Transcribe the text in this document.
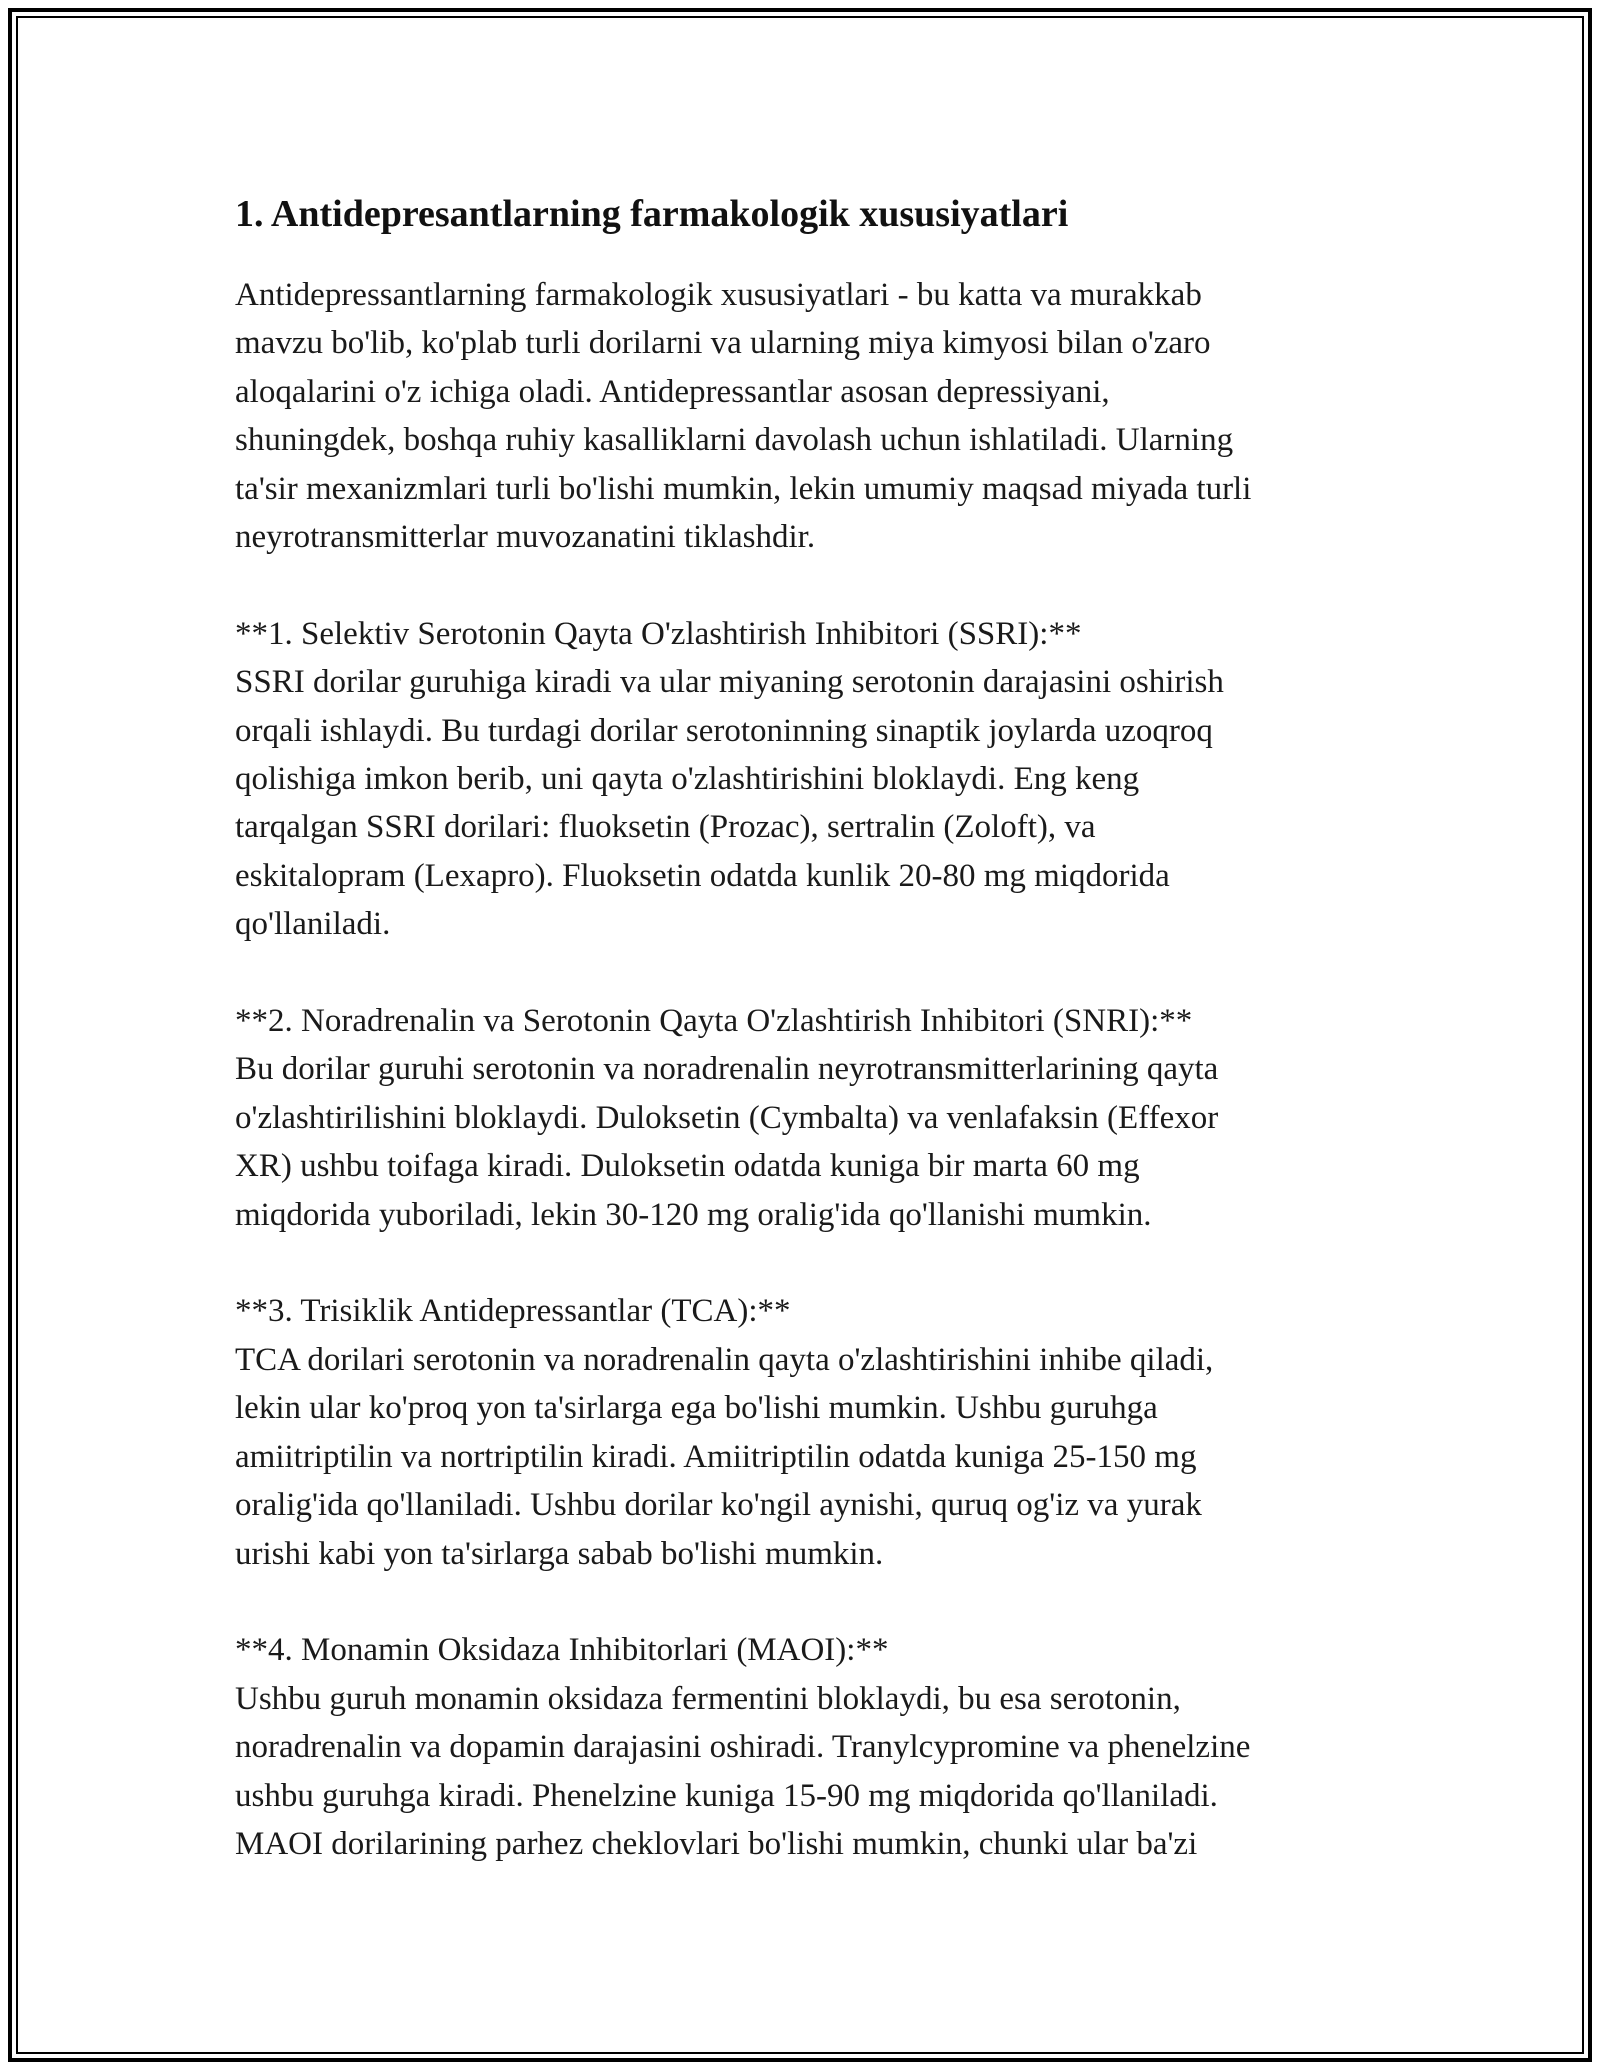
1. Antidepresantlarning farmakologik xususiyatlari

Antidepressantlarning farmakologik xususiyatlari - bu katta va murakkab
mavzu bo'lib, ko'plab turli dorilarni va ularning miya kimyosi bilan o'zaro
aloqalarini o'z ichiga oladi. Antidepressantlar asosan depressiyani,
shuningdek, boshqa ruhiy kasalliklarni davolash uchun ishlatiladi. Ularning
ta'sir mexanizmlari turli bo'lishi mumkin, lekin umumiy maqsad miyada turli
neyrotransmitterlar muvozanatini tiklashdir.

**1. Selektiv Serotonin Qayta O'zlashtirish Inhibitori (SSRI):**

SSRI dorilar guruhiga kiradi va ular miyaning serotonin darajasini oshirish
orqali ishlaydi. Bu turdagi dorilar serotoninning sinaptik joylarda uzoqroq
qolishiga imkon berib, uni qayta o'zlashtirishini bloklaydi. Eng keng
tarqalgan SSRI dorilari: fluoksetin (Prozac), sertralin (Zoloft), va
eskitalopram (Lexapro). Fluoksetin odatda kunlik 20-80 mg miqdorida
qo'llaniladi.

**2. Noradrenalin va Serotonin Qayta O'zlashtirish Inhibitori (SNRI):**

Bu dorilar guruhi serotonin va noradrenalin neyrotransmitterlarining qayta
o'zlashtirilishini bloklaydi. Duloksetin (Cymbalta) va venlafaksin (Effexor
XR) ushbu toifaga kiradi. Duloksetin odatda kuniga bir marta 60 mg
miqdorida yuboriladi, lekin 30-120 mg oralig'ida qo'llanishi mumkin.

**3. Trisiklik Antidepressantlar (TCA):**

TCA dorilari serotonin va noradrenalin qayta o'zlashtirishini inhibe qiladi,
lekin ular ko'proq yon ta'sirlarga ega bo'lishi mumkin. Ushbu guruhga
amiitriptilin va nortriptilin kiradi. Amiitriptilin odatda kuniga 25-150 mg
oralig'ida qo'llaniladi. Ushbu dorilar ko'ngil aynishi, quruq og'iz va yurak
urishi kabi yon ta'sirlarga sabab bo'lishi mumkin.

**4. Monamin Oksidaza Inhibitorlari (MAOI):**

Ushbu guruh monamin oksidaza fermentini bloklaydi, bu esa serotonin,
noradrenalin va dopamin darajasini oshiradi. Tranylcypromine va phenelzine
ushbu guruhga kiradi. Phenelzine kuniga 15-90 mg miqdorida qo'llaniladi.
MAOI dorilarining parhez cheklovlari bo'lishi mumkin, chunki ular ba'zi
